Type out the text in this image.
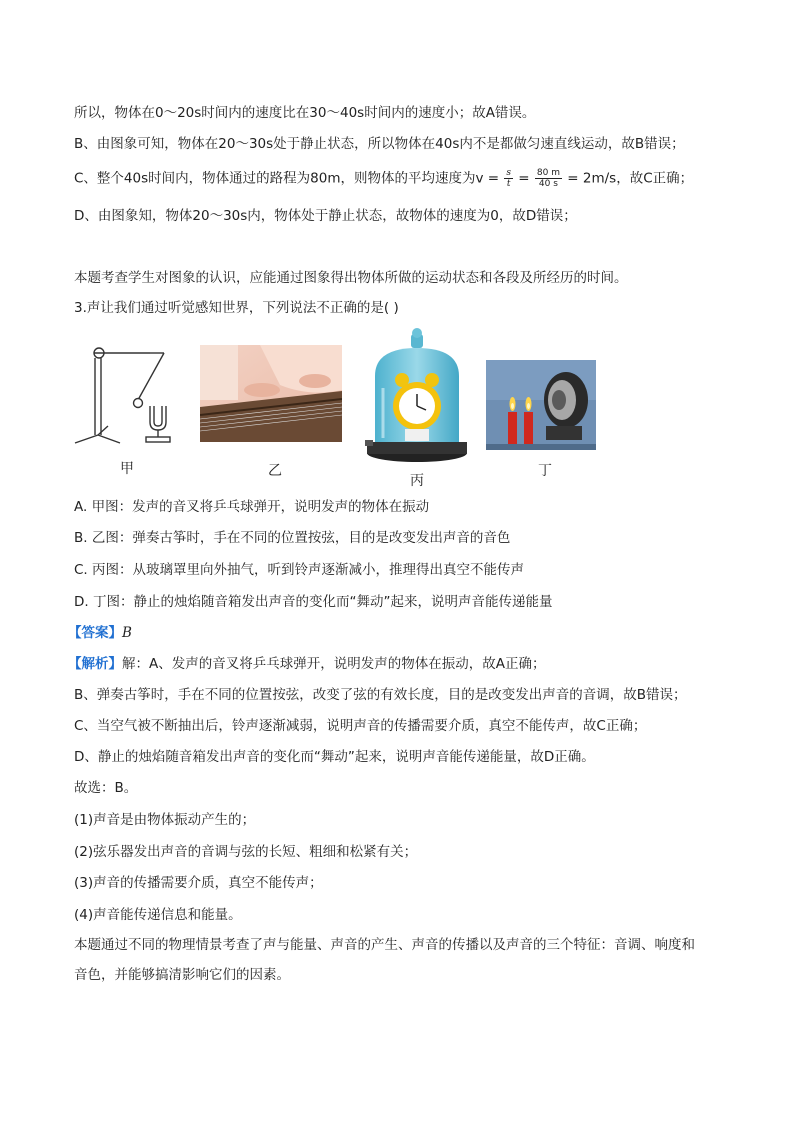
所以，物体在0～20s时间内的速度比在30～40s时间内的速度小；故A错误。
B、由图象可知，物体在20～30s处于静止状态，所以物体在40s内不是都做匀速直线运动，故B错误；
C、整个40s时间内，物体通过的路程为80m，则物体的平均速度为$v = \frac{s}{t} = \frac{80 m}{40 s} = 2m/s$，故C正确；
D、由图象知，物体20～30s内，物体处于静止状态，故物体的速度为0，故D错误；
本题考查学生对图象的认识，应能通过图象得出物体所做的运动状态和各段及所经历的时间。
3.声让我们通过听觉感知世界，下列说法不正确的是( )
甲	乙
丙
丁
A. 甲图：发声的音叉将乒乓球弹开，说明发声的物体在振动
B. 乙图：弹奏古筝时，手在不同的位置按弦，目的是改变发出声音的音色
C. 丙图：从玻璃罩里向外抽气，听到铃声逐渐减小，推理得出真空不能传声
D. 丁图：静止的烛焰随音箱发出声音的变化而“舞动”起来，说明声音能传递能量
【答案】B
【解析】解：A、发声的音叉将乒乓球弹开，说明发声的物体在振动，故A正确；
B、弹奏古筝时，手在不同的位置按弦，改变了弦的有效长度，目的是改变发出声音的音调，故B错误；
C、当空气被不断抽出后，铃声逐渐减弱，说明声音的传播需要介质，真空不能传声，故C正确；
D、静止的烛焰随音箱发出声音的变化而“舞动”起来，说明声音能传递能量，故D正确。
故选：B。
(1)声音是由物体振动产生的；
(2)弦乐器发出声音的音调与弦的长短、粗细和松紧有关；
(3)声音的传播需要介质，真空不能传声；
(4)声音能传递信息和能量。
本题通过不同的物理情景考查了声与能量、声音的产生、声音的传播以及声音的三个特征：音调、响度和
音色，并能够搞清影响它们的因素。
